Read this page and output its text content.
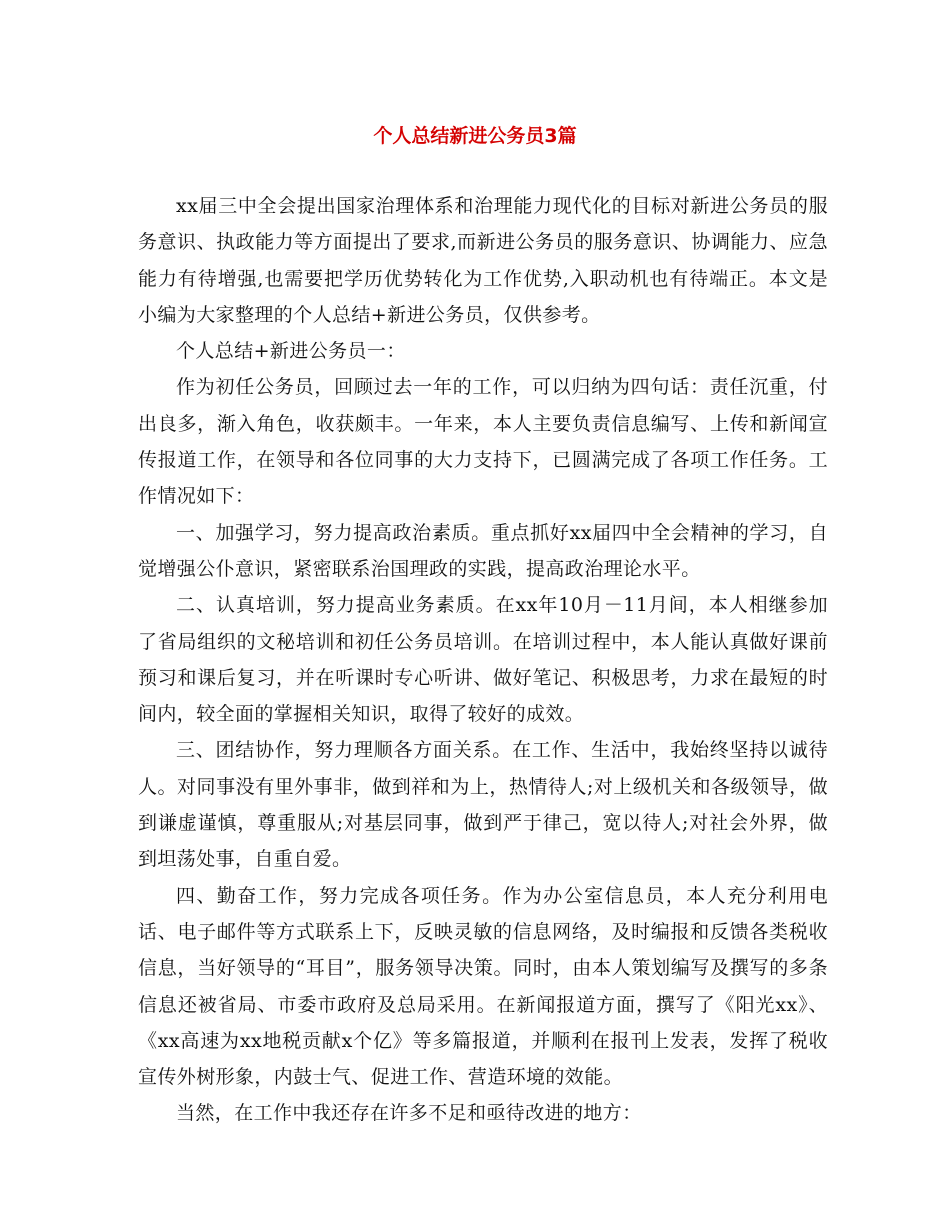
个人总结新进公务员3篇

xx届三中全会提出国家治理体系和治理能力现代化的目标对新进公务员的服务意识、执政能力等方面提出了要求,而新进公务员的服务意识、协调能力、应急能力有待增强,也需要把学历优势转化为工作优势,入职动机也有待端正。本文是小编为大家整理的个人总结+新进公务员，仅供参考。

个人总结+新进公务员一：

作为初任公务员，回顾过去一年的工作，可以归纳为四句话：责任沉重，付出良多，渐入角色，收获颇丰。一年来，本人主要负责信息编写、上传和新闻宣传报道工作，在领导和各位同事的大力支持下，已圆满完成了各项工作任务。工作情况如下：

一、加强学习，努力提高政治素质。重点抓好xx届四中全会精神的学习，自觉增强公仆意识，紧密联系治国理政的实践，提高政治理论水平。

二、认真培训，努力提高业务素质。在xx年10月－11月间，本人相继参加了省局组织的文秘培训和初任公务员培训。在培训过程中，本人能认真做好课前预习和课后复习，并在听课时专心听讲、做好笔记、积极思考，力求在最短的时间内，较全面的掌握相关知识，取得了较好的成效。

三、团结协作，努力理顺各方面关系。在工作、生活中，我始终坚持以诚待人。对同事没有里外事非，做到祥和为上，热情待人;对上级机关和各级领导，做到谦虚谨慎，尊重服从;对基层同事，做到严于律己，宽以待人;对社会外界，做到坦荡处事，自重自爱。

四、勤奋工作，努力完成各项任务。作为办公室信息员，本人充分利用电话、电子邮件等方式联系上下，反映灵敏的信息网络，及时编报和反馈各类税收信息，当好领导的“耳目”，服务领导决策。同时，由本人策划编写及撰写的多条信息还被省局、市委市政府及总局采用。在新闻报道方面，撰写了《阳光xx》、《xx高速为xx地税贡献x个亿》等多篇报道，并顺利在报刊上发表，发挥了税收宣传外树形象，内鼓士气、促进工作、营造环境的效能。

当然，在工作中我还存在许多不足和亟待改进的地方：
